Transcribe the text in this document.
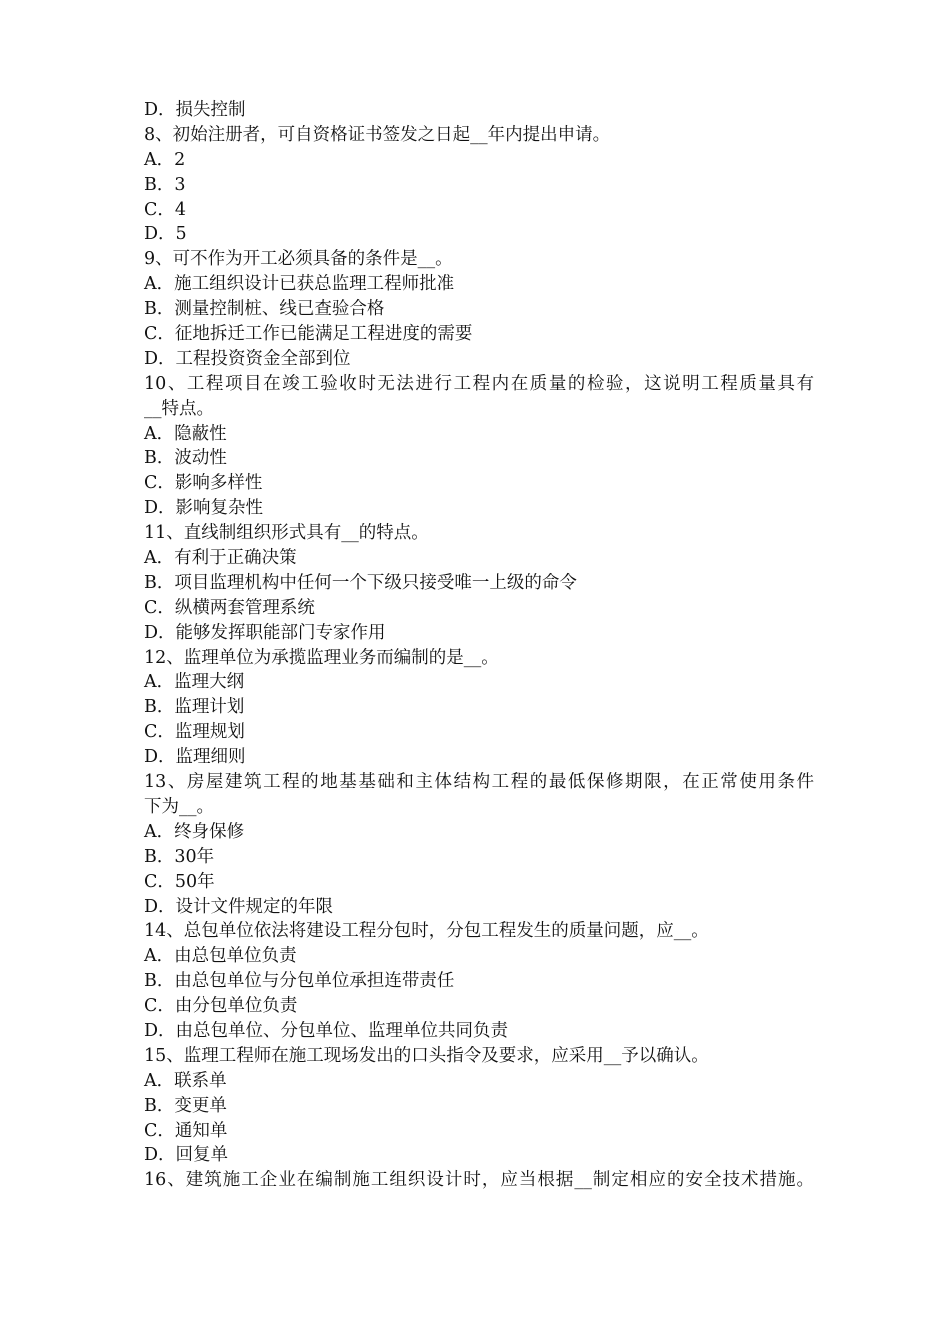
D．损失控制
8、初始注册者，可自资格证书签发之日起__年内提出申请。
A．2
B．3
C．4
D．5
9、可不作为开工必须具备的条件是__。
A．施工组织设计已获总监理工程师批准
B．测量控制桩、线已查验合格
C．征地拆迁工作已能满足工程进度的需要
D．工程投资资金全部到位
10、工程项目在竣工验收时无法进行工程内在质量的检验，这说明工程质量具有
__特点。
A．隐蔽性
B．波动性
C．影响多样性
D．影响复杂性
11、直线制组织形式具有__的特点。
A．有利于正确决策
B．项目监理机构中任何一个下级只接受唯一上级的命令
C．纵横两套管理系统
D．能够发挥职能部门专家作用
12、监理单位为承揽监理业务而编制的是__。
A．监理大纲
B．监理计划
C．监理规划
D．监理细则
13、房屋建筑工程的地基基础和主体结构工程的最低保修期限，在正常使用条件
下为__。
A．终身保修
B．30年
C．50年
D．设计文件规定的年限
14、总包单位依法将建设工程分包时，分包工程发生的质量问题，应__。
A．由总包单位负责
B．由总包单位与分包单位承担连带责任
C．由分包单位负责
D．由总包单位、分包单位、监理单位共同负责
15、监理工程师在施工现场发出的口头指令及要求，应采用__予以确认。
A．联系单
B．变更单
C．通知单
D．回复单
16、建筑施工企业在编制施工组织设计时，应当根据__制定相应的安全技术措施。
